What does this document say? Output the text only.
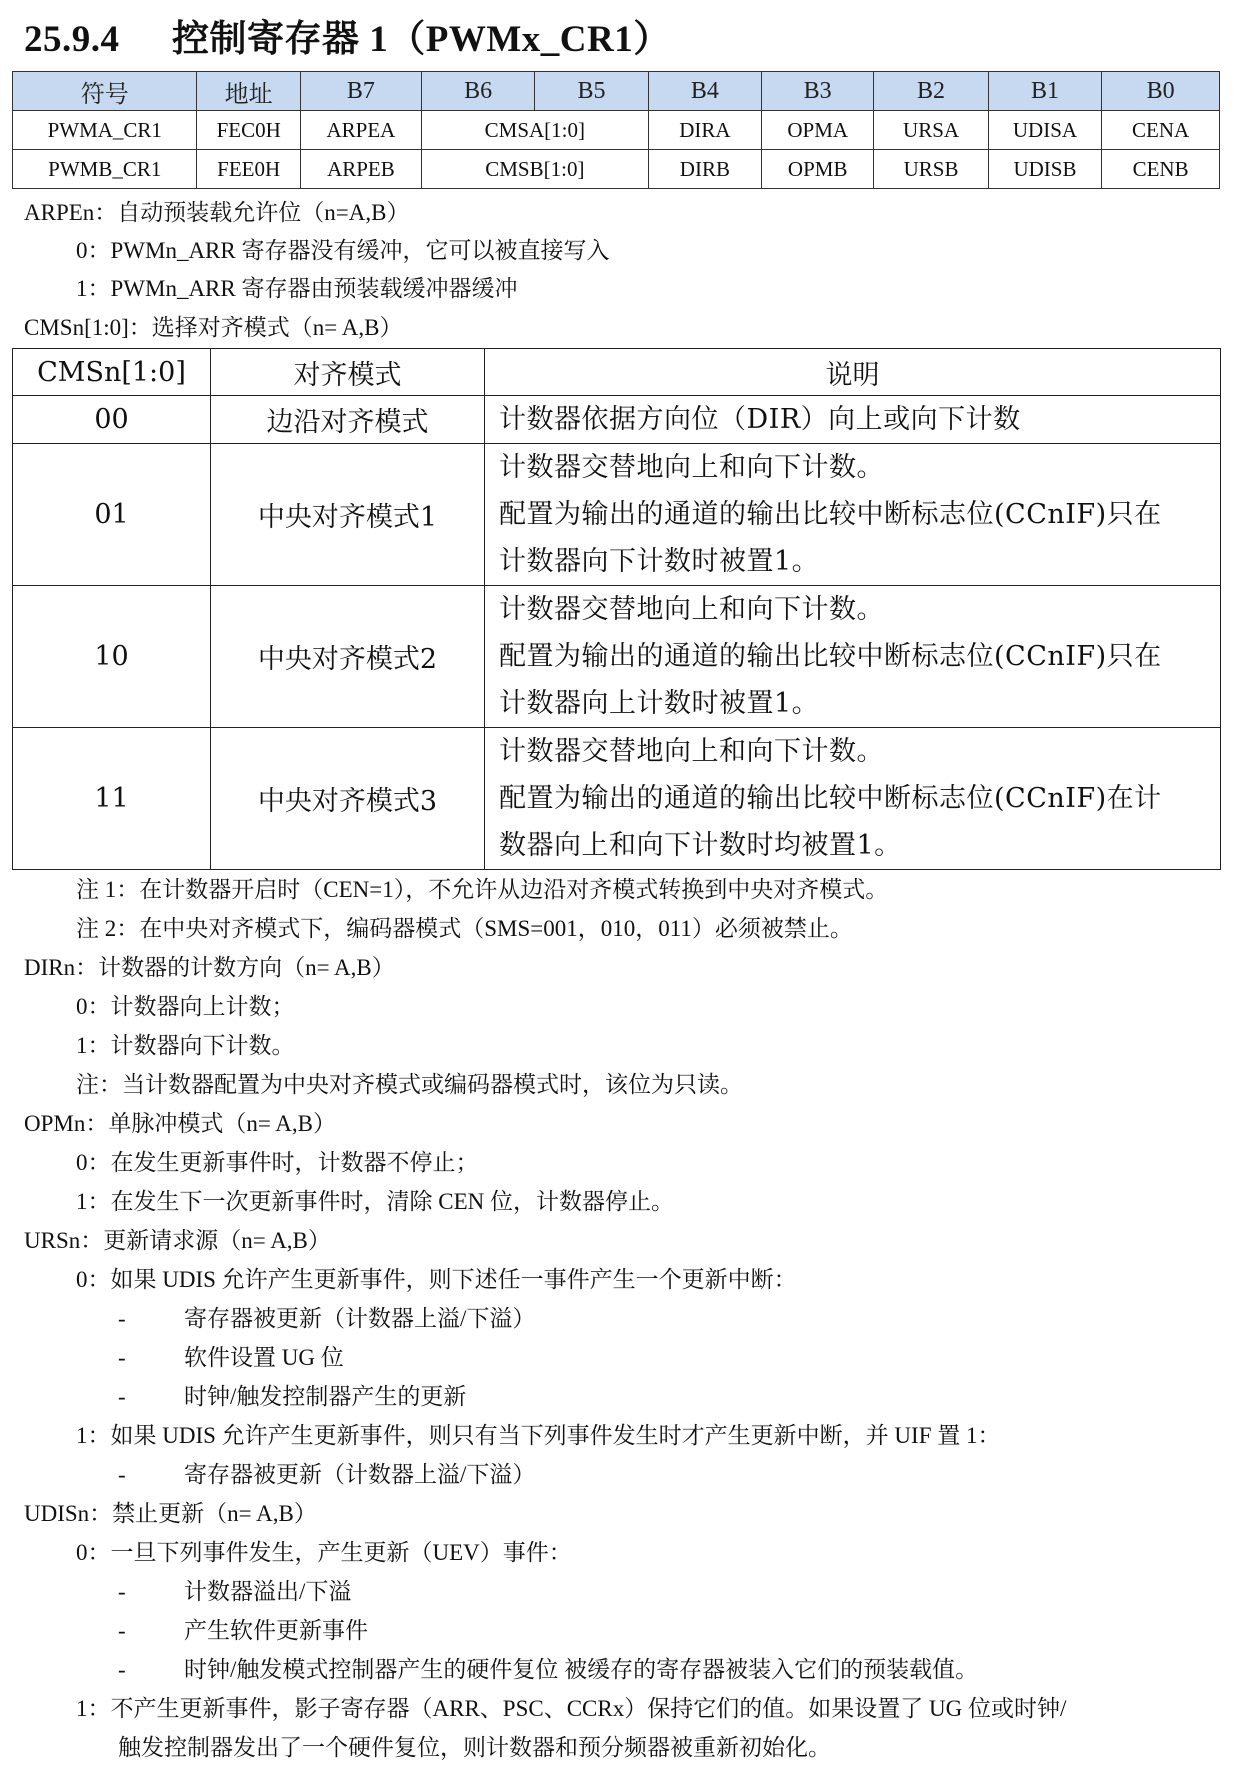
25.9.4 控制寄存器 1（PWMx_CR1）
符号	地址	B7	B6	B5	B4	B3	B2	B1	B0
PWMA_CR1	FEC0H	ARPEA	CMSA[1:0]		DIRA	OPMA	URSA	UDISA	CENA
PWMB_CR1	FEE0H	ARPEB	CMSB[1:0]		DIRB	OPMB	URSB	UDISB	CENB
ARPEn：自动预装载允许位（n=A,B）
0：PWMn_ARR 寄存器没有缓冲，它可以被直接写入
1：PWMn_ARR 寄存器由预装载缓冲器缓冲
CMSn[1:0]：选择对齐模式（n= A,B）
CMSn[1:0]	对齐模式	说明
00	边沿对齐模式	计数器依据方向位（DIR）向上或向下计数

01	中央对齐模式1	计数器交替地向上和向下计数。
配置为输出的通道的输出比较中断标志位(CCnIF)只在
计数器向下计数时被置1。

10	中央对齐模式2	计数器交替地向上和向下计数。
配置为输出的通道的输出比较中断标志位(CCnIF)只在
计数器向上计数时被置1。

11	中央对齐模式3	计数器交替地向上和向下计数。
配置为输出的通道的输出比较中断标志位(CCnIF)在计
数器向上和向下计数时均被置1。
注 1：在计数器开启时（CEN=1），不允许从边沿对齐模式转换到中央对齐模式。
注 2：在中央对齐模式下，编码器模式（SMS=001，010，011）必须被禁止。
DIRn：计数器的计数方向（n= A,B）
0：计数器向上计数；
1：计数器向下计数。
注：当计数器配置为中央对齐模式或编码器模式时，该位为只读。
OPMn：单脉冲模式（n= A,B）
0：在发生更新事件时，计数器不停止；
1：在发生下一次更新事件时，清除 CEN 位，计数器停止。
URSn：更新请求源（n= A,B）
0：如果 UDIS 允许产生更新事件，则下述任一事件产生一个更新中断：
-	寄存器被更新（计数器上溢/下溢）
-	软件设置 UG 位
-	时钟/触发控制器产生的更新
1：如果 UDIS 允许产生更新事件，则只有当下列事件发生时才产生更新中断，并 UIF 置 1：
-	寄存器被更新（计数器上溢/下溢）
UDISn：禁止更新（n= A,B）
0：一旦下列事件发生，产生更新（UEV）事件：
-	计数器溢出/下溢
-	产生软件更新事件
-	时钟/触发模式控制器产生的硬件复位 被缓存的寄存器被装入它们的预装载值。
1：不产生更新事件，影子寄存器（ARR、PSC、CCRx）保持它们的值。如果设置了 UG 位或时钟/
触发控制器发出了一个硬件复位，则计数器和预分频器被重新初始化。
